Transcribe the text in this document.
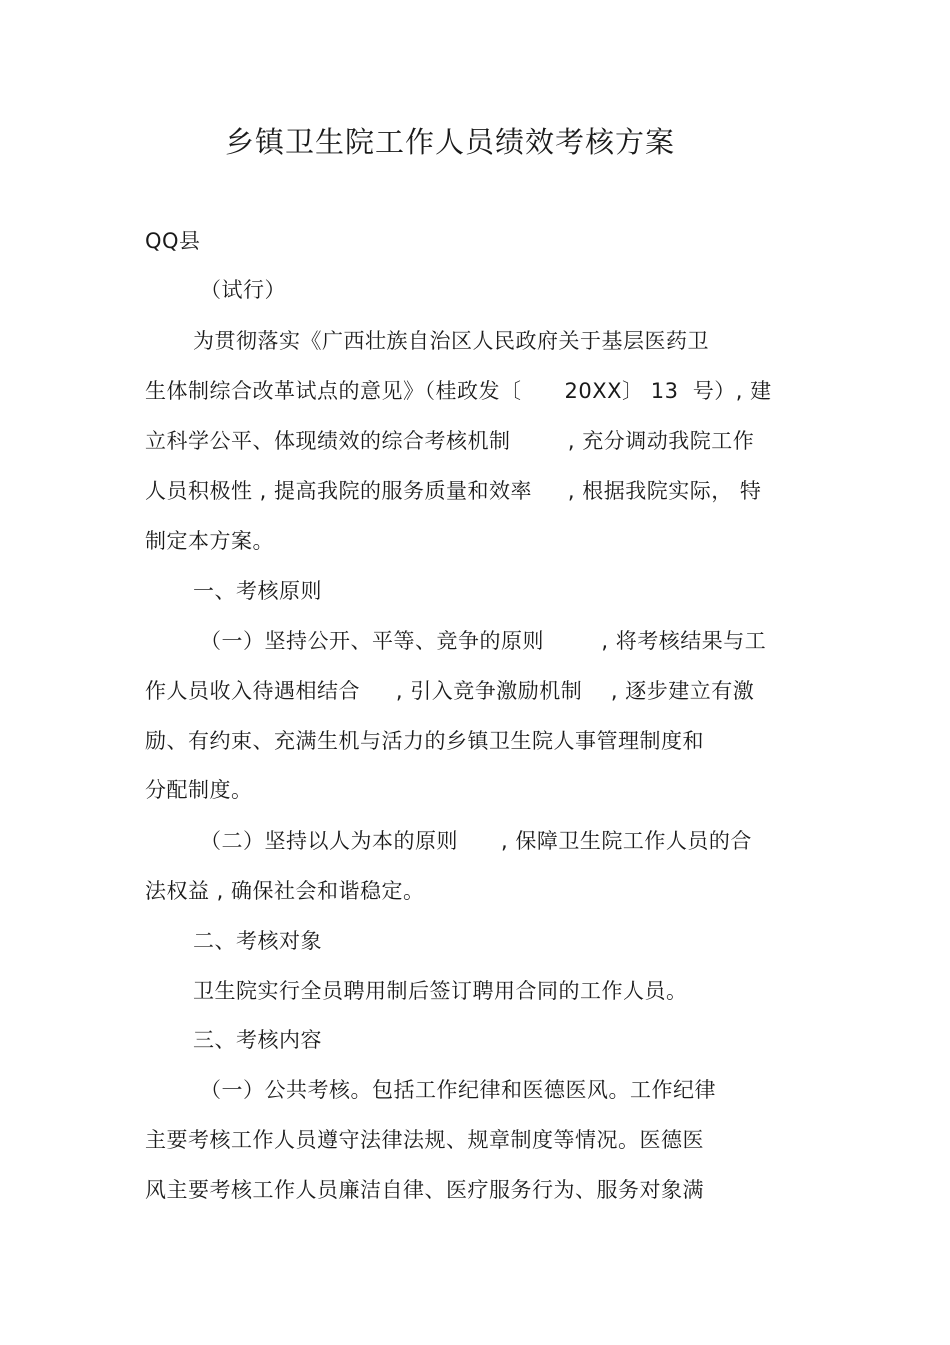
乡镇卫生院工作人员绩效考核方案
QQ县
（试行）
为贯彻落实《广西壮族自治区人民政府关于基层医药卫
生体制综合改革试点的意见》（桂政发〔      20XX〕 13  号）, 建
立科学公平、体现绩效的综合考核机制        , 充分调动我院工作
人员积极性 , 提高我院的服务质量和效率     , 根据我院实际， 特
制定本方案。
一、考核原则
（一）坚持公开、平等、竞争的原则        , 将考核结果与工
作人员收入待遇相结合     , 引入竞争激励机制    , 逐步建立有激
励、有约束、充满生机与活力的乡镇卫生院人事管理制度和
分配制度。
（二）坚持以人为本的原则      , 保障卫生院工作人员的合
法权益 , 确保社会和谐稳定。
二、考核对象
卫生院实行全员聘用制后签订聘用合同的工作人员。
三、考核内容
（一）公共考核。包括工作纪律和医德医风。工作纪律
主要考核工作人员遵守法律法规、规章制度等情况。医德医
风主要考核工作人员廉洁自律、医疗服务行为、服务对象满
